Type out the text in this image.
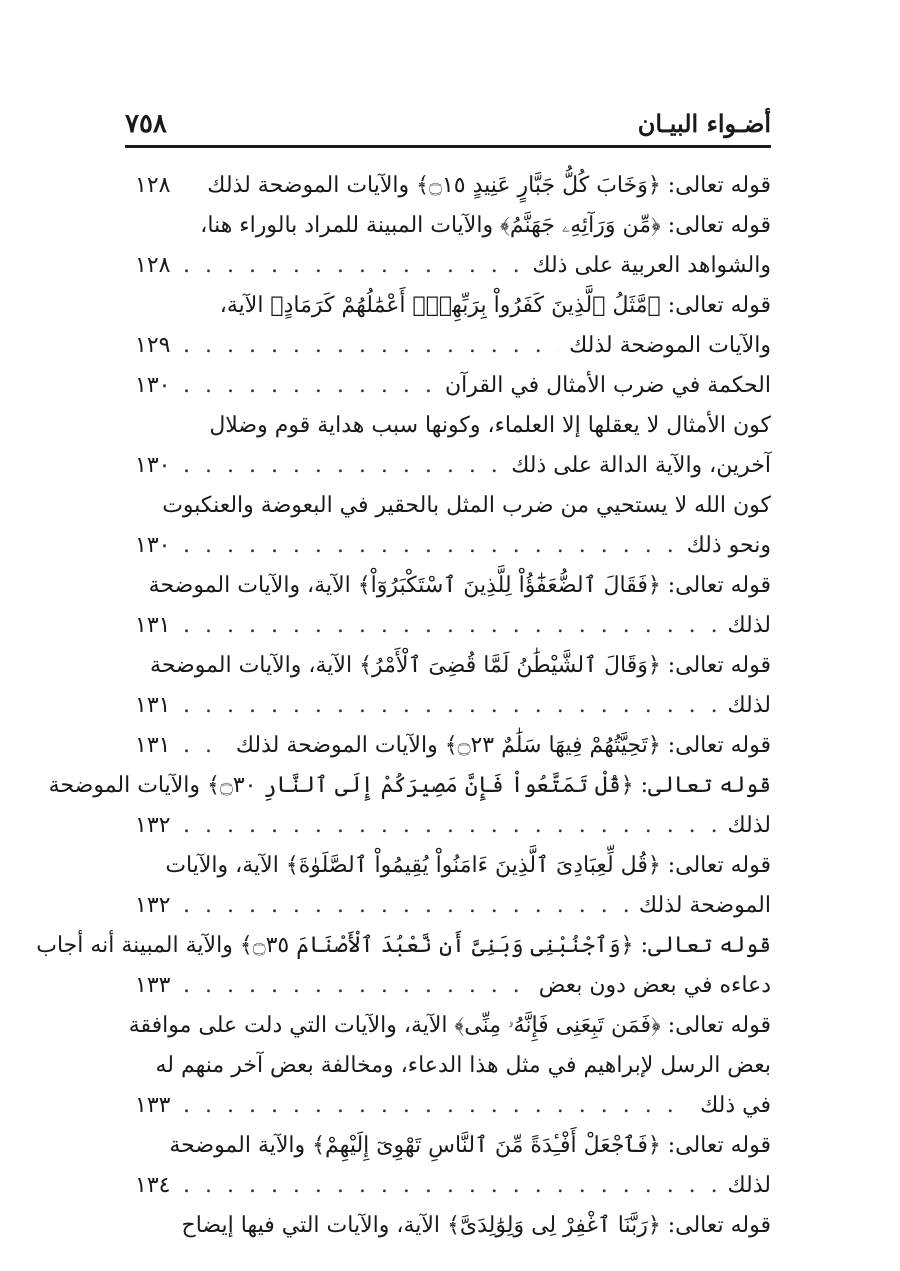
أضـواء البيـان
٧٥٨
قوله تعالى: ﴿وَخَابَ كُلُّ جَبَّارٍ عَنِيدٍ ۝١٥﴾ والآيات الموضحة لذلك
١٢٨
قوله تعالى: ﴿مِّن وَرَآئِهِۦ جَهَنَّمُ﴾ والآيات المبينة للمراد بالوراء هنا،
. . .
والشواهد العربية على ذلك
١٢٨
قوله تعالى: ﴿مَّثَلُ ٱلَّذِينَ كَفَرُواْ بِرَبِّهِمْۖ أَعْمَٰلُهُمْ كَرَمَادٍ﴾ الآية،
. . .
والآيات الموضحة لذلك
١٢٩
. . .
الحكمة في ضرب الأمثال في القرآن
١٣٠
كون الأمثال لا يعقلها إلا العلماء، وكونها سبب هداية قوم وضلال
. . .
آخرين، والآية الدالة على ذلك
١٣٠
كون الله لا يستحيي من ضرب المثل بالحقير في البعوضة والعنكبوت
. . .
ونحو ذلك
١٣٠
قوله تعالى: ﴿فَقَالَ ٱلضُّعَفَٰٓؤُاْ لِلَّذِينَ ٱسْتَكْبَرُوٓاْ﴾ الآية، والآيات الموضحة
. . .
لذلك
١٣١
قوله تعالى: ﴿وَقَالَ ٱلشَّيْطَٰنُ لَمَّا قُضِىَ ٱلْأَمْرُ﴾ الآية، والآيات الموضحة
. . .
لذلك
١٣١
. . .
قوله تعالى: ﴿تَحِيَّتُهُمْ فِيهَا سَلَٰمٌ ۝٢٣﴾ والآيات الموضحة لذلك
١٣١
قوله تعالى: ﴿قُلْ تَمَتَّعُواْ فَإِنَّ مَصِيرَكُمْ إِلَى ٱلنَّارِ ۝٣٠﴾ والآيات الموضحة
. . .
لذلك
١٣٢
قوله تعالى: ﴿قُل لِّعِبَادِىَ ٱلَّذِينَ ءَامَنُواْ يُقِيمُواْ ٱلصَّلَوٰةَ﴾ الآية، والآيات
. . .
الموضحة لذلك
١٣٢
قوله تعالى: ﴿وَٱجْنُبْنِى وَبَنِىَّ أَن نَّعْبُدَ ٱلْأَصْنَامَ ۝٣٥﴾ والآية المبينة أنه أجاب
. . .
دعاءه في بعض دون بعض
١٣٣
قوله تعالى: ﴿فَمَن تَبِعَنِى فَإِنَّهُۥ مِنِّى﴾ الآية، والآيات التي دلت على موافقة
بعض الرسل لإبراهيم في مثل هذا الدعاء، ومخالفة بعض آخر منهم له
. . .
في ذلك
١٣٣
قوله تعالى: ﴿فَٱجْعَلْ أَفْـِٔدَةً مِّنَ ٱلنَّاسِ تَهْوِىٓ إِلَيْهِمْ﴾ والآية الموضحة
. . .
لذلك
١٣٤
قوله تعالى: ﴿رَبَّنَا ٱغْفِرْ لِى وَلِوَٰلِدَىَّ﴾ الآية، والآيات التي فيها إيضاح
